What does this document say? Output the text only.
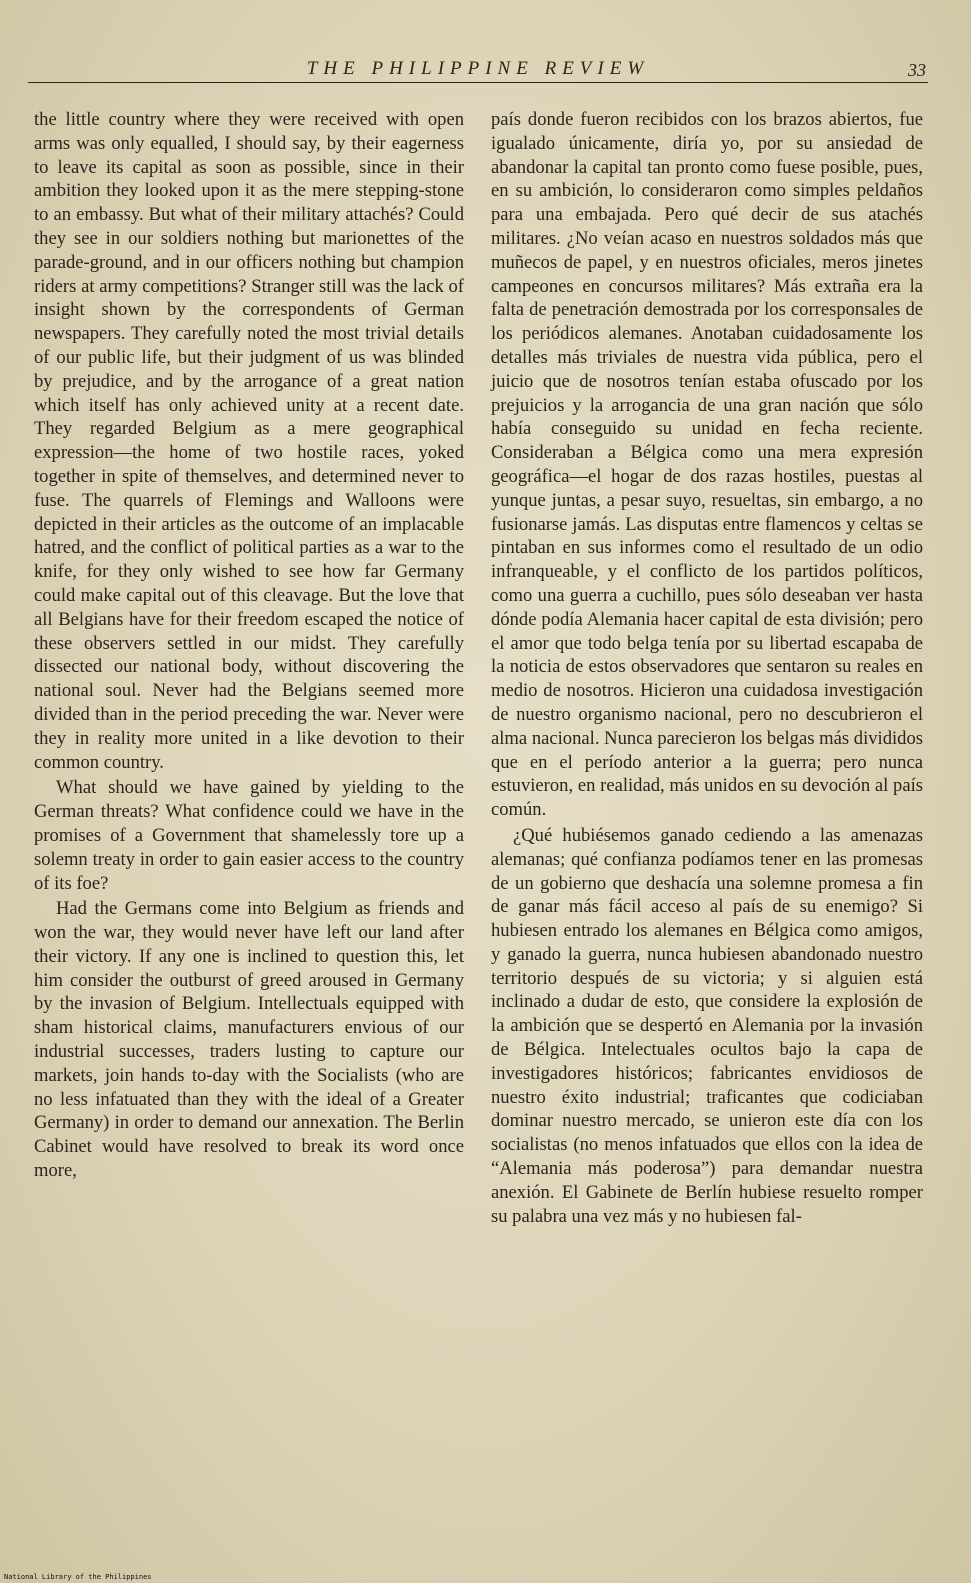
THE PHILIPPINE REVIEW	33

the little country where they were received with open arms was only equalled, I should say, by their eagerness to leave its capital as soon as possible, since in their ambition they looked upon it as the mere stepping-stone to an embassy. But what of their military attachés? Could they see in our soldiers nothing but marionettes of the parade-ground, and in our officers nothing but champion riders at army competitions? Stranger still was the lack of insight shown by the correspondents of German newspapers. They carefully noted the most trivial details of our public life, but their judgment of us was blinded by prejudice, and by the arrogance of a great nation which itself has only achieved unity at a recent date. They regarded Belgium as a mere geographical expression—the home of two hostile races, yoked together in spite of themselves, and determined never to fuse. The quarrels of Flemings and Walloons were depicted in their articles as the outcome of an implacable hatred, and the conflict of political parties as a war to the knife, for they only wished to see how far Germany could make capital out of this cleavage. But the love that all Belgians have for their freedom escaped the notice of these observers settled in our midst. They carefully dissected our national body, without discovering the national soul. Never had the Belgians seemed more divided than in the period preceding the war. Never were they in reality more united in a like devotion to their common country.

What should we have gained by yielding to the German threats? What confidence could we have in the promises of a Government that shamelessly tore up a solemn treaty in order to gain easier access to the country of its foe?

Had the Germans come into Belgium as friends and won the war, they would never have left our land after their victory. If any one is inclined to question this, let him consider the outburst of greed aroused in Germany by the invasion of Belgium. Intellectuals equipped with sham historical claims, manufacturers envious of our industrial successes, traders lusting to capture our markets, join hands to-day with the Socialists (who are no less infatuated than they with the ideal of a Greater Germany) in order to demand our annexation. The Berlin Cabinet would have resolved to break its word once more,

país donde fueron recibidos con los brazos abiertos, fue igualado únicamente, diría yo, por su ansiedad de abandonar la capital tan pronto como fuese posible, pues, en su ambición, lo consideraron como simples peldaños para una embajada. Pero qué decir de sus atachés militares. ¿No veían acaso en nuestros soldados más que muñecos de papel, y en nuestros oficiales, meros jinetes campeones en concursos militares? Más extraña era la falta de penetración demostrada por los corresponsales de los periódicos alemanes. Anotaban cuidadosamente los detalles más triviales de nuestra vida pública, pero el juicio que de nosotros tenían estaba ofuscado por los prejuicios y la arrogancia de una gran nación que sólo había conseguido su unidad en fecha reciente. Consideraban a Bélgica como una mera expresión geográfica—el hogar de dos razas hostiles, puestas al yunque juntas, a pesar suyo, resueltas, sin embargo, a no fusionarse jamás. Las disputas entre flamencos y celtas se pintaban en sus informes como el resultado de un odio infranqueable, y el conflicto de los partidos políticos, como una guerra a cuchillo, pues sólo deseaban ver hasta dónde podía Alemania hacer capital de esta división; pero el amor que todo belga tenía por su libertad escapaba de la noticia de estos observadores que sentaron su reales en medio de nosotros. Hicieron una cuidadosa investigación de nuestro organismo nacional, pero no descubrieron el alma nacional. Nunca parecieron los belgas más divididos que en el período anterior a la guerra; pero nunca estuvieron, en realidad, más unidos en su devoción al país común.

¿Qué hubiésemos ganado cediendo a las amenazas alemanas; qué confianza podíamos tener en las promesas de un gobierno que deshacía una solemne promesa a fin de ganar más fácil acceso al país de su enemigo? Si hubiesen entrado los alemanes en Bélgica como amigos, y ganado la guerra, nunca hubiesen abandonado nuestro territorio después de su victoria; y si alguien está inclinado a dudar de esto, que considere la explosión de la ambición que se despertó en Alemania por la invasión de Bélgica. Intelectuales ocultos bajo la capa de investigadores históricos; fabricantes envidiosos de nuestro éxito industrial; traficantes que codiciaban dominar nuestro mercado, se unieron este día con los socialistas (no menos infatuados que ellos con la idea de “Alemania más poderosa”) para demandar nuestra anexión. El Gabinete de Berlín hubiese resuelto romper su palabra una vez más y no hubiesen fal-

National Library of the Philippines
